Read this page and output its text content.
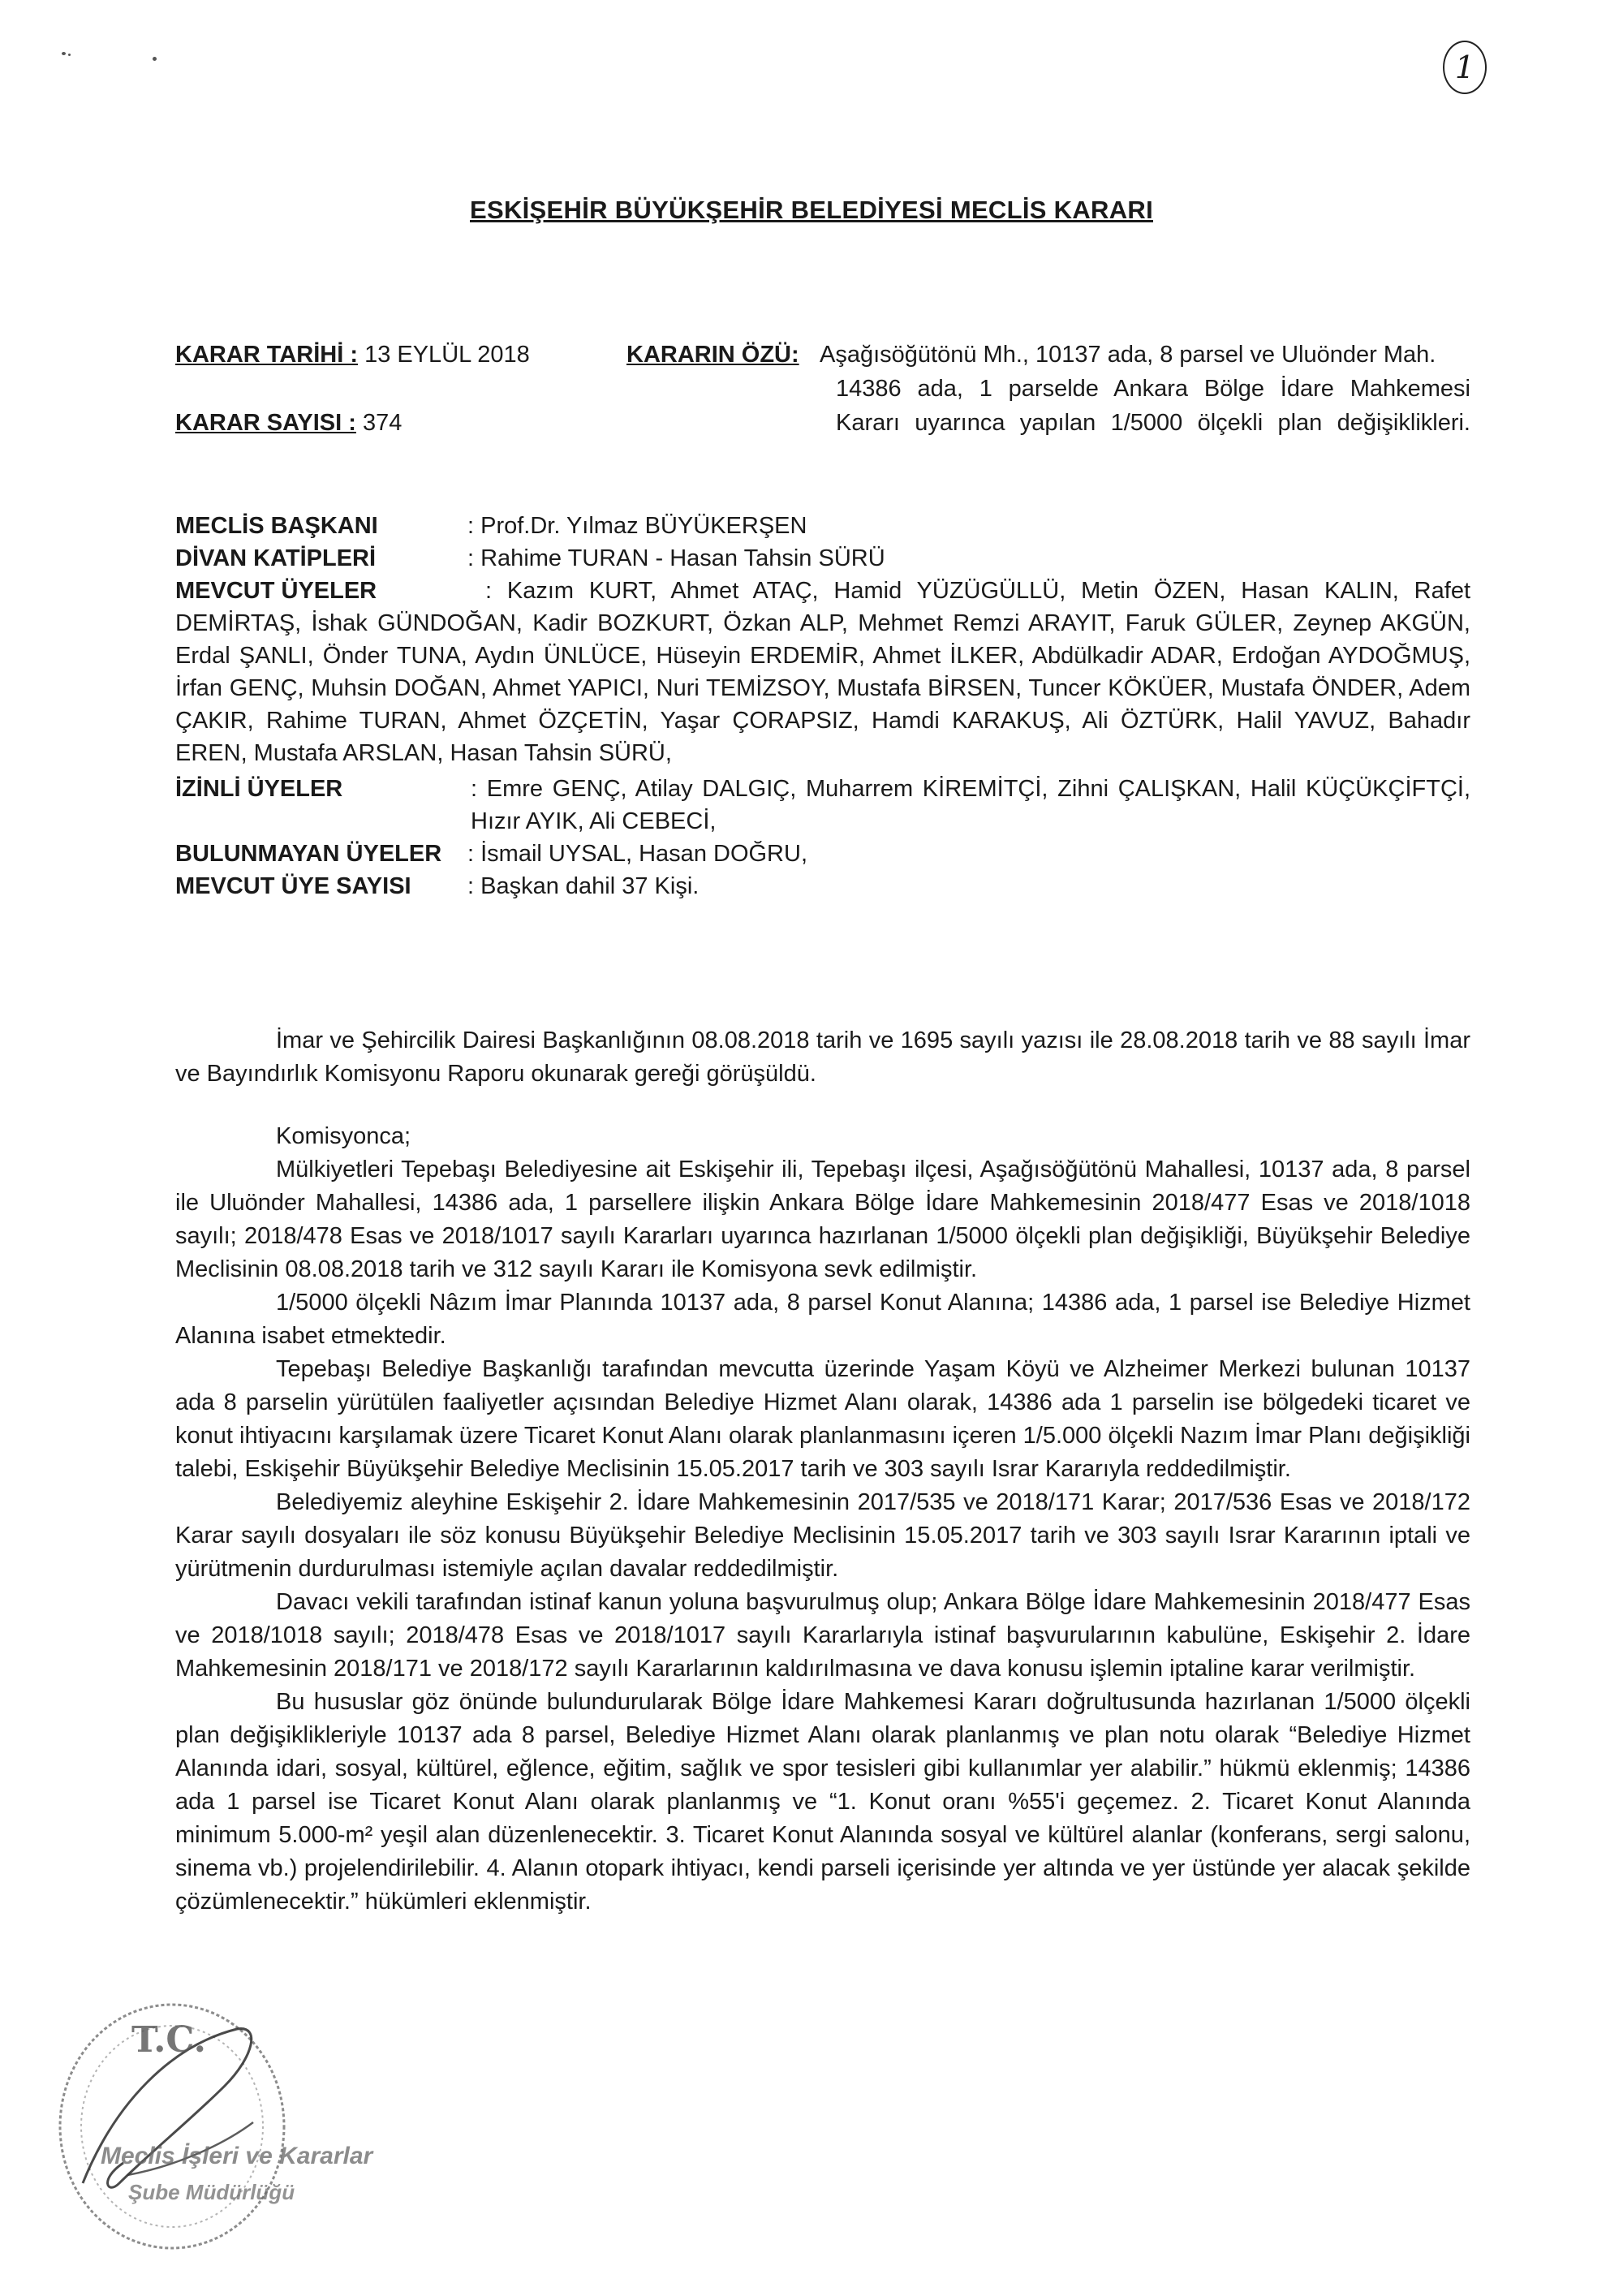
1
ESKİŞEHİR BÜYÜKŞEHİR BELEDİYESİ MECLİS KARARI
KARAR TARİHİ : 13 EYLÜL 2018
KARAR SAYISI : 374
KARARIN ÖZÜ: Aşağısöğütönü Mh., 10137 ada, 8 parsel ve Uluönder Mah.
14386 ada, 1 parselde Ankara Bölge İdare Mahkemesi
Kararı uyarınca yapılan 1/5000 ölçekli plan değişiklikleri.
MECLİS BAŞKANI	: Prof.Dr. Yılmaz BÜYÜKERŞEN
DİVAN KATİPLERİ	: Rahime TURAN - Hasan Tahsin SÜRÜ
MEVCUT ÜYELER	: Kazım KURT, Ahmet ATAÇ, Hamid YÜZÜGÜLLÜ, Metin ÖZEN, Hasan KALIN, Rafet
DEMİRTAŞ, İshak GÜNDOĞAN, Kadir BOZKURT, Özkan ALP, Mehmet Remzi ARAYIT, Faruk GÜLER, Zeynep AKGÜN, Erdal ŞANLI, Önder TUNA, Aydın ÜNLÜCE, Hüseyin ERDEMİR, Ahmet İLKER, Abdülkadir ADAR, Erdoğan AYDOĞMUŞ, İrfan GENÇ, Muhsin DOĞAN, Ahmet YAPICI, Nuri TEMİZSOY, Mustafa BİRSEN, Tuncer KÖKÜER, Mustafa ÖNDER, Adem ÇAKIR, Rahime TURAN, Ahmet ÖZÇETİN, Yaşar ÇORAPSIZ, Hamdi KARAKUŞ, Ali ÖZTÜRK, Halil YAVUZ, Bahadır EREN, Mustafa ARSLAN, Hasan Tahsin SÜRÜ,
İZİNLİ ÜYELER	: Emre GENÇ, Atilay DALGIÇ, Muharrem KİREMİTÇİ, Zihni ÇALIŞKAN, Halil KÜÇÜKÇİFTÇİ, Hızır AYIK, Ali CEBECİ,
BULUNMAYAN ÜYELER	: İsmail UYSAL, Hasan DOĞRU,
MEVCUT ÜYE SAYISI	: Başkan dahil 37 Kişi.

İmar ve Şehircilik Dairesi Başkanlığının 08.08.2018 tarih ve 1695 sayılı yazısı ile 28.08.2018 tarih ve 88 sayılı İmar ve Bayındırlık Komisyonu Raporu okunarak gereği görüşüldü.

Komisyonca;

Mülkiyetleri Tepebaşı Belediyesine ait Eskişehir ili, Tepebaşı ilçesi, Aşağısöğütönü Mahallesi, 10137 ada, 8 parsel ile Uluönder Mahallesi, 14386 ada, 1 parsellere ilişkin Ankara Bölge İdare Mahkemesinin 2018/477 Esas ve 2018/1018 sayılı; 2018/478 Esas ve 2018/1017 sayılı Kararları uyarınca hazırlanan 1/5000 ölçekli plan değişikliği, Büyükşehir Belediye Meclisinin 08.08.2018 tarih ve 312 sayılı Kararı ile Komisyona sevk edilmiştir.

1/5000 ölçekli Nâzım İmar Planında 10137 ada, 8 parsel Konut Alanına; 14386 ada, 1 parsel ise Belediye Hizmet Alanına isabet etmektedir.

Tepebaşı Belediye Başkanlığı tarafından mevcutta üzerinde Yaşam Köyü ve Alzheimer Merkezi bulunan 10137 ada 8 parselin yürütülen faaliyetler açısından Belediye Hizmet Alanı olarak, 14386 ada 1 parselin ise bölgedeki ticaret ve konut ihtiyacını karşılamak üzere Ticaret Konut Alanı olarak planlanmasını içeren 1/5.000 ölçekli Nazım İmar Planı değişikliği talebi, Eskişehir Büyükşehir Belediye Meclisinin 15.05.2017 tarih ve 303 sayılı Israr Kararıyla reddedilmiştir.

Belediyemiz aleyhine Eskişehir 2. İdare Mahkemesinin 2017/535 ve 2018/171 Karar; 2017/536 Esas ve 2018/172 Karar sayılı dosyaları ile söz konusu Büyükşehir Belediye Meclisinin 15.05.2017 tarih ve 303 sayılı Israr Kararının iptali ve yürütmenin durdurulması istemiyle açılan davalar reddedilmiştir.

Davacı vekili tarafından istinaf kanun yoluna başvurulmuş olup; Ankara Bölge İdare Mahkemesinin 2018/477 Esas ve 2018/1018 sayılı; 2018/478 Esas ve 2018/1017 sayılı Kararlarıyla istinaf başvurularının kabulüne, Eskişehir 2. İdare Mahkemesinin 2018/171 ve 2018/172 sayılı Kararlarının kaldırılmasına ve dava konusu işlemin iptaline karar verilmiştir.

Bu hususlar göz önünde bulundurularak Bölge İdare Mahkemesi Kararı doğrultusunda hazırlanan 1/5000 ölçekli plan değişiklikleriyle 10137 ada 8 parsel, Belediye Hizmet Alanı olarak planlanmış ve plan notu olarak “Belediye Hizmet Alanında idari, sosyal, kültürel, eğlence, eğitim, sağlık ve spor tesisleri gibi kullanımlar yer alabilir.” hükmü eklenmiş; 14386 ada 1 parsel ise Ticaret Konut Alanı olarak planlanmış ve “1. Konut oranı %55'i geçemez. 2. Ticaret Konut Alanında minimum 5.000-m² yeşil alan düzenlenecektir. 3. Ticaret Konut Alanında sosyal ve kültürel alanlar (konferans, sergi salonu, sinema vb.) projelendirilebilir. 4. Alanın otopark ihtiyacı, kendi parseli içerisinde yer altında ve yer üstünde yer alacak şekilde çözümlenecektir.” hükümleri eklenmiştir.

T.C.
Meclis İşleri ve Kararlar
Şube Müdürlüğü
